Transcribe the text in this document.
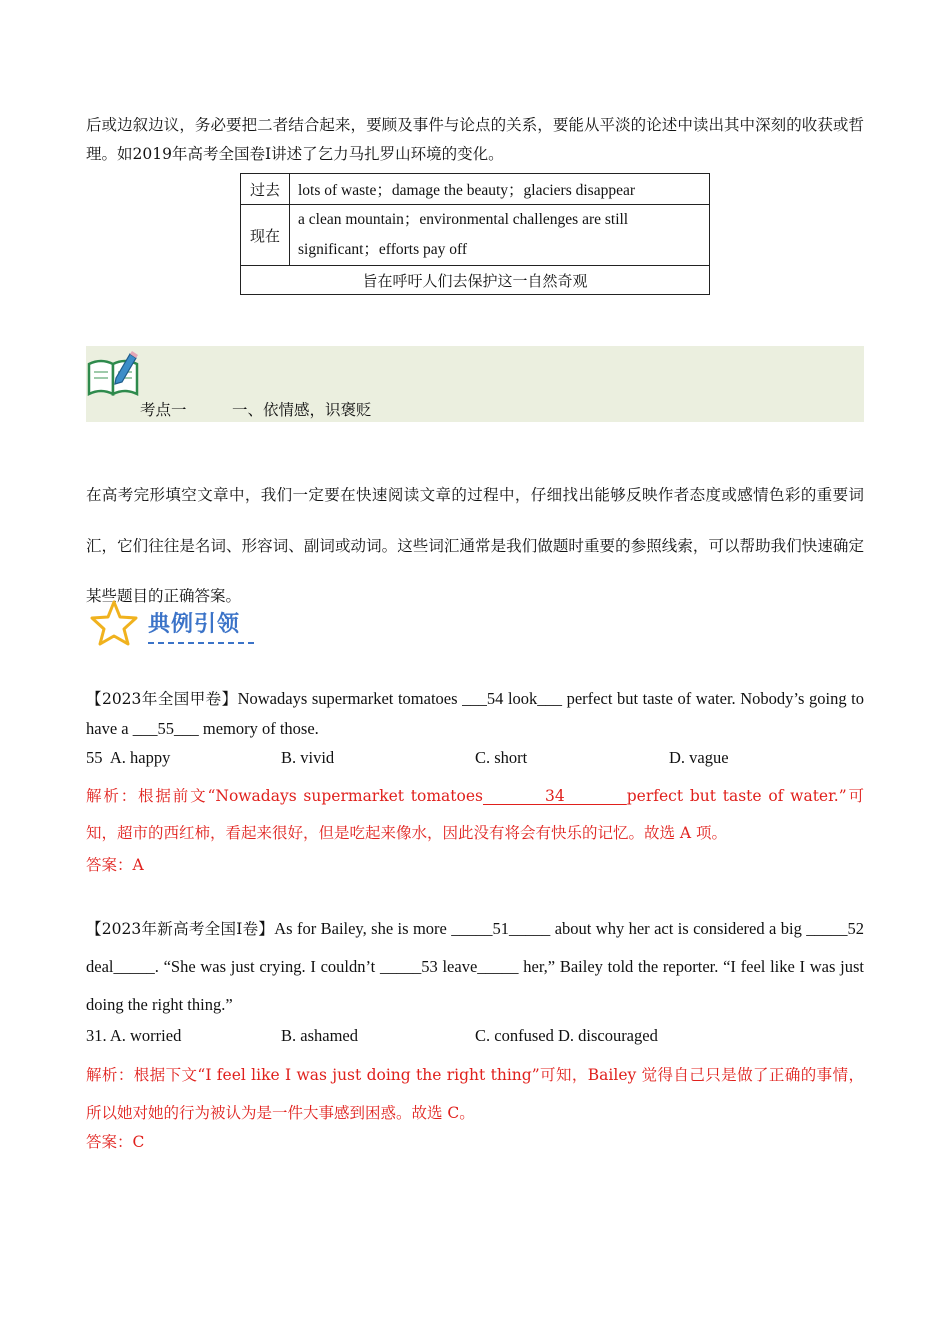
后或边叙边议，务必要把二者结合起来，要顾及事件与论点的关系，要能从平淡的论述中读出其中深刻的收获或哲理。如2019年高考全国卷Ⅰ讲述了乞力马扎罗山环境的变化。
过去	lots of waste；damage the beauty；glaciers disappear
现在	a clean mountain；environmental challenges are still
significant；efforts pay off
旨在呼吁人们去保护这一自然奇观	
考点一	一、依情感，识褒贬
在高考完形填空文章中，我们一定要在快速阅读文章的过程中，仔细找出能够反映作者态度或感情色彩的重要词汇，它们往往是名词、形容词、副词或动词。这些词汇通常是我们做题时重要的参照线索，可以帮助我们快速确定某些题目的正确答案。
典例引领
【2023年全国甲卷】Nowadays supermarket tomatoes ___54 look___ perfect but taste of water. Nobody’s going to have a ___55___ memory of those.
55 A. happy	B. vivid	C. short	D. vague
解析：根据前文“Nowadays supermarket tomatoes________34________perfect but taste of water.”可知，超市的西红柿，看起来很好，但是吃起来像水，因此没有将会有快乐的记忆。故选 A 项。
答案：A
【2023年新高考全国Ⅰ卷】As for Bailey, she is more _____51_____ about why her act is considered a big _____52 deal_____. “She was just crying. I couldn’t _____53 leave_____ her,” Bailey told the reporter. “I feel like I was just doing the right thing.”
31. A. worried	B. ashamed	C. confused D. discouraged
解析：根据下文“I feel like I was just doing the right thing”可知，Bailey 觉得自己只是做了正确的事情，所以她对她的行为被认为是一件大事感到困惑。故选 C。
答案：C
